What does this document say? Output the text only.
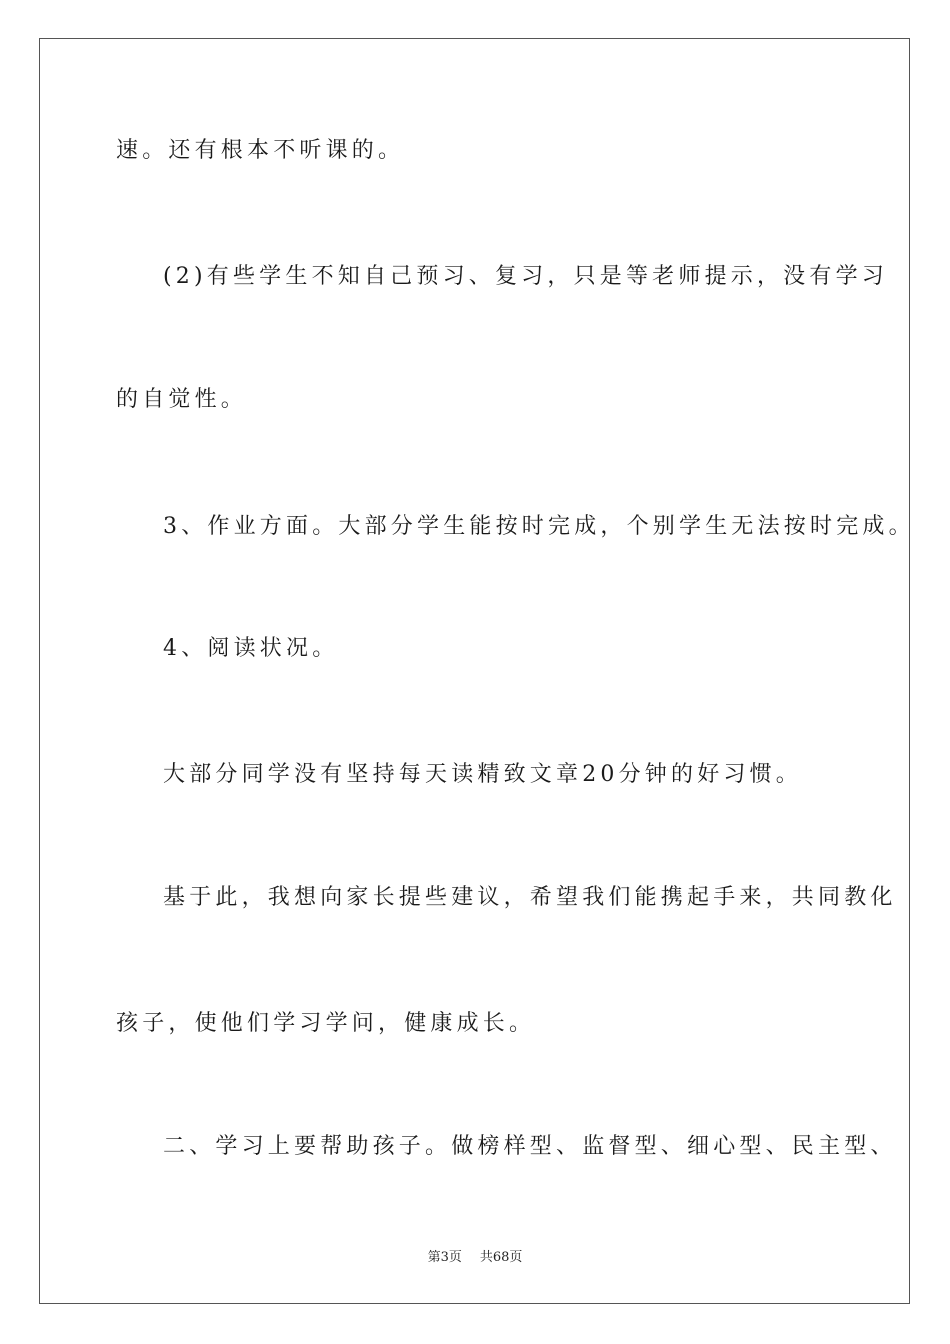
速。还有根本不听课的。
(2)有些学生不知自己预习、复习，只是等老师提示，没有学习
的自觉性。
3、作业方面。大部分学生能按时完成，个别学生无法按时完成。
4、阅读状况。
大部分同学没有坚持每天读精致文章20分钟的好习惯。
基于此，我想向家长提些建议，希望我们能携起手来，共同教化
孩子，使他们学习学问，健康成长。
二、学习上要帮助孩子。做榜样型、监督型、细心型、民主型、
第3页 共68页
